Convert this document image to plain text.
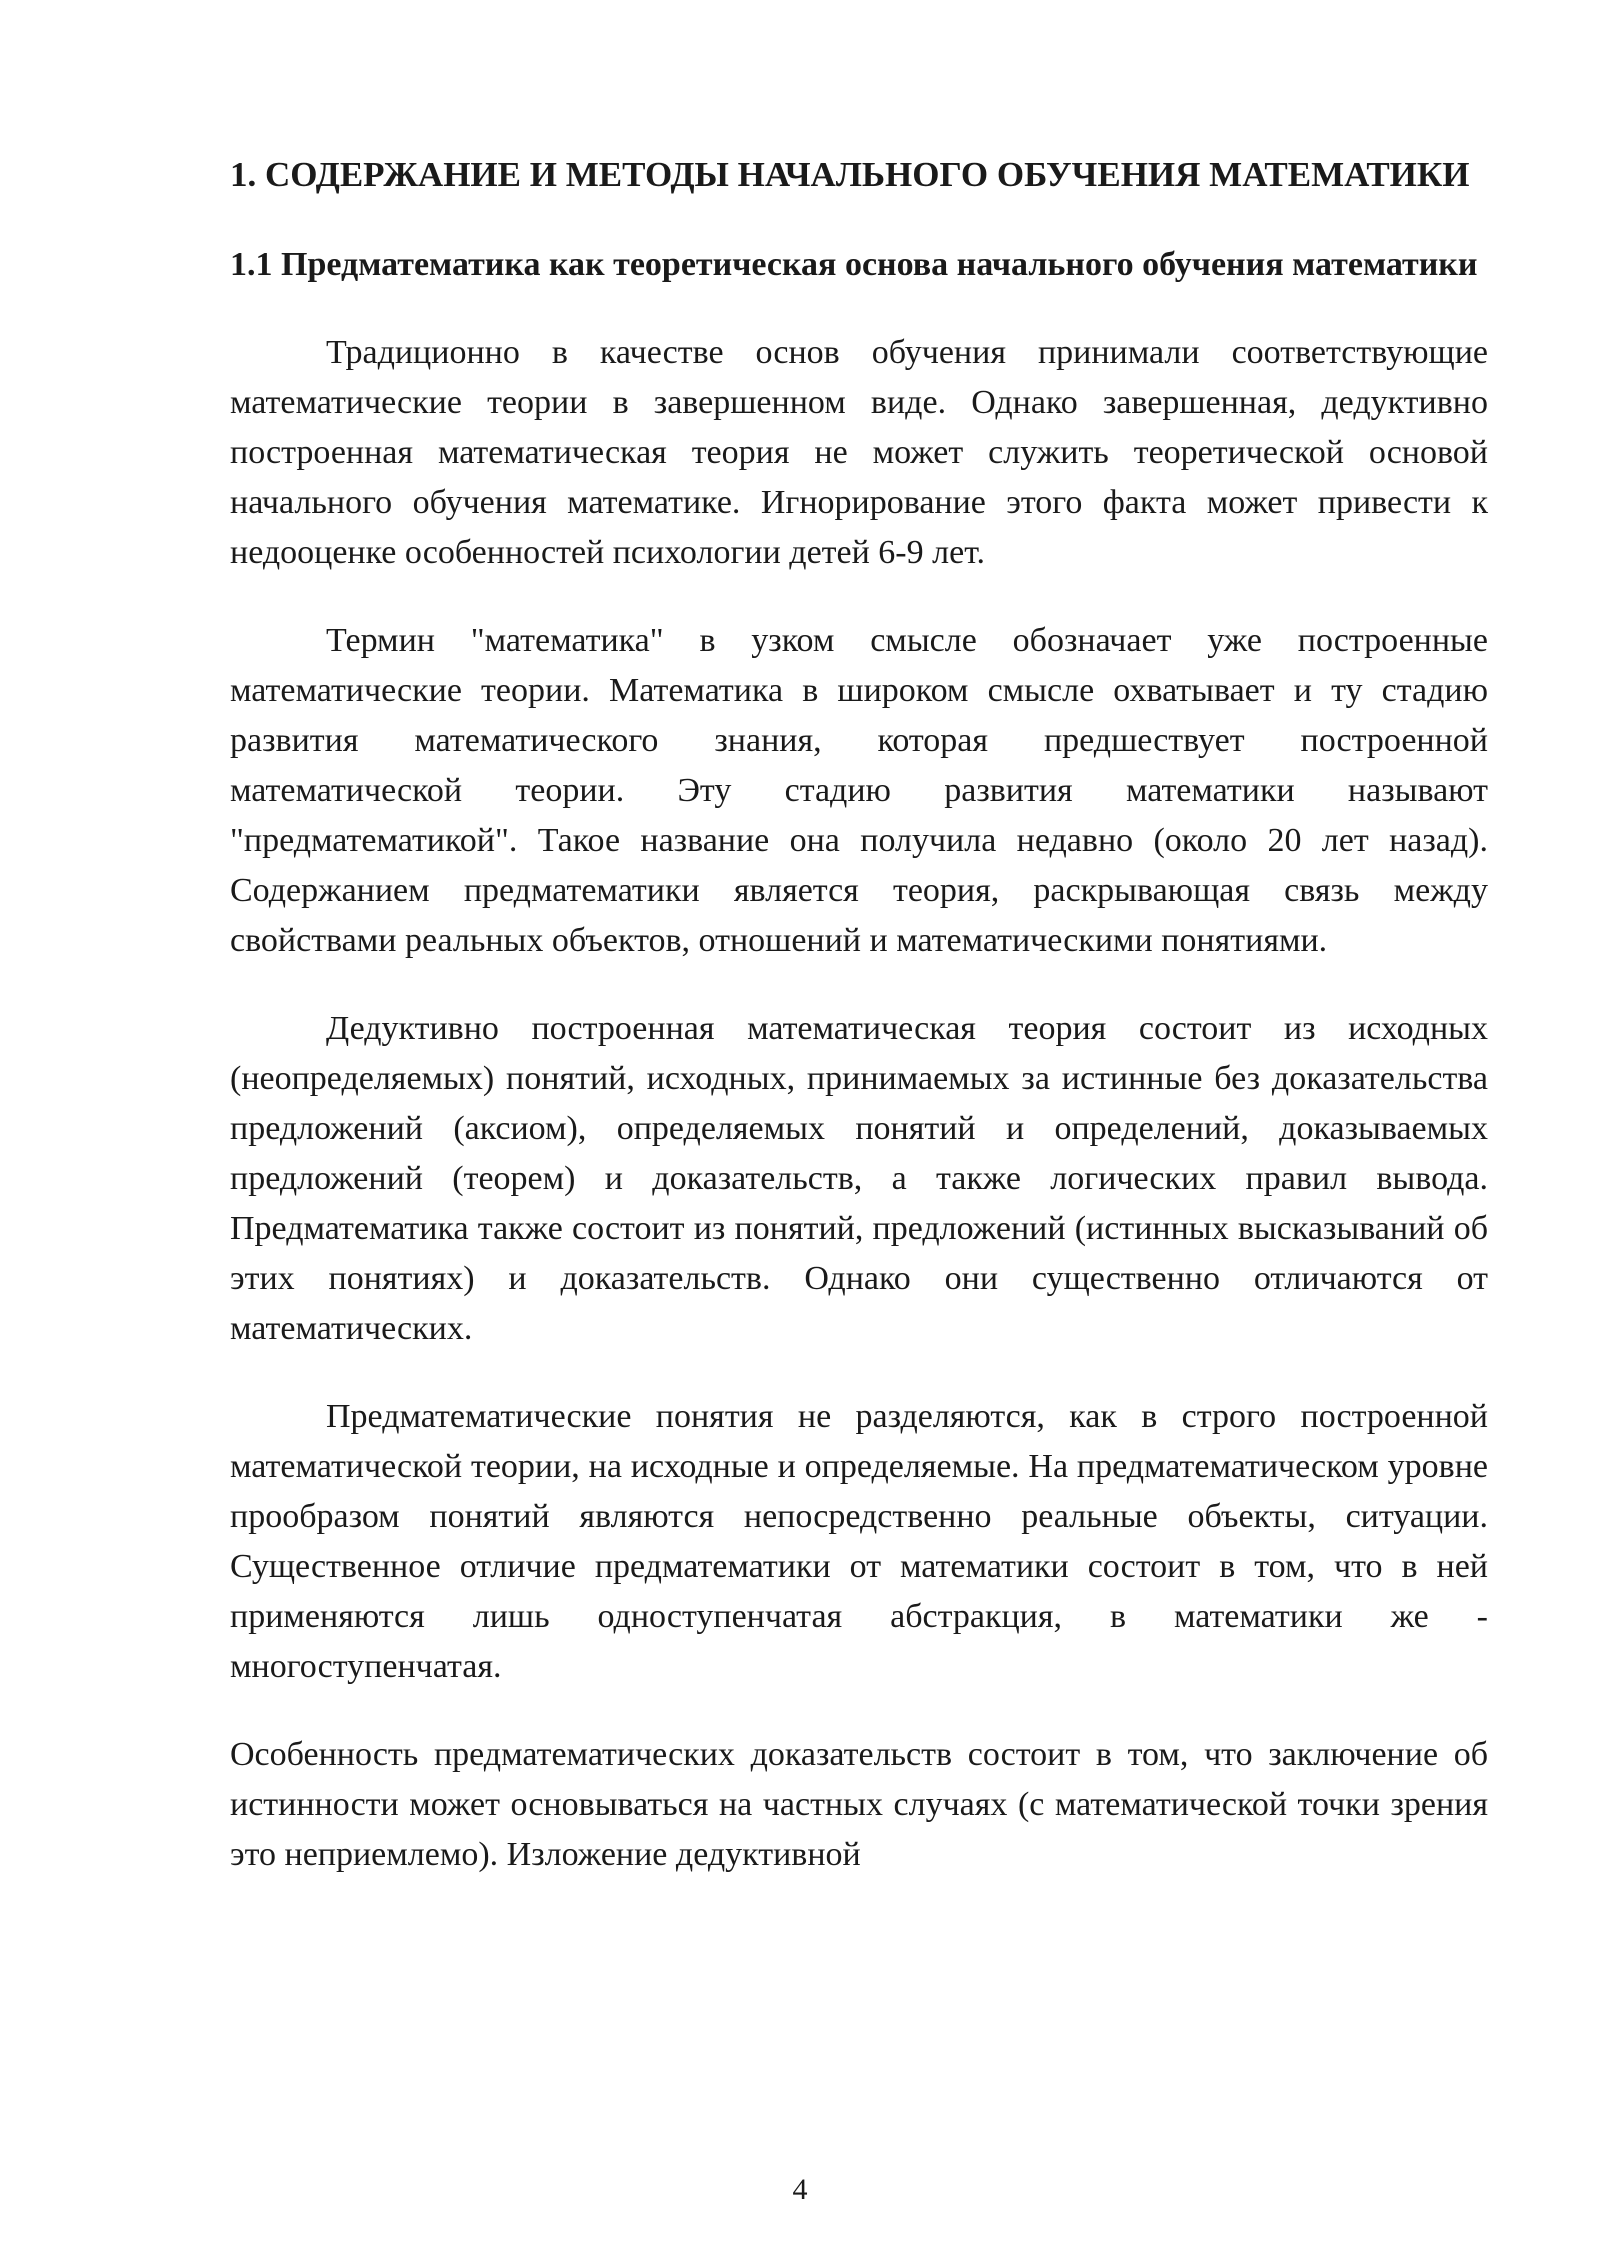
1. СОДЕРЖАНИЕ И МЕТОДЫ НАЧАЛЬНОГО ОБУЧЕНИЯ МАТЕМАТИКИ
1.1 Предматематика как теоретическая основа начального обучения математики

Традиционно в качестве основ обучения принимали соответствующие математические теории в завершенном виде. Однако завершенная, дедуктивно построенная математическая теория не может служить теоретической основой начального обучения математике. Игнорирование этого факта может привести к недооценке особенностей психологии детей 6-9 лет.

Термин "математика" в узком смысле обозначает уже построенные математические теории. Математика в широком смысле охватывает и ту стадию развития математического знания, которая предшествует построенной математической теории. Эту стадию развития математики называют "предматематикой". Такое название она получила недавно (около 20 лет назад). Содержанием предматематики является теория, раскрывающая связь между свойствами реальных объектов, отношений и математическими понятиями.

Дедуктивно построенная математическая теория состоит из исходных (неопределяемых) понятий, исходных, принимаемых за истинные без доказательства предложений (аксиом), определяемых понятий и определений, доказываемых предложений (теорем) и доказательств, а также логических правил вывода. Предматематика также состоит из понятий, предложений (истинных высказываний об этих понятиях) и доказательств. Однако они существенно отличаются от математических.

Предматематические понятия не разделяются, как в строго построенной математической теории, на исходные и определяемые. На предматематическом уровне прообразом понятий являются непосредственно реальные объекты, ситуации. Существенное отличие предматематики от математики состоит в том, что в ней применяются лишь одноступенчатая абстракция, в математики же - многоступенчатая.

Особенность предматематических доказательств состоит в том, что заключение об истинности может основываться на частных случаях (с математической точки зрения это неприемлемо). Изложение дедуктивной

4
